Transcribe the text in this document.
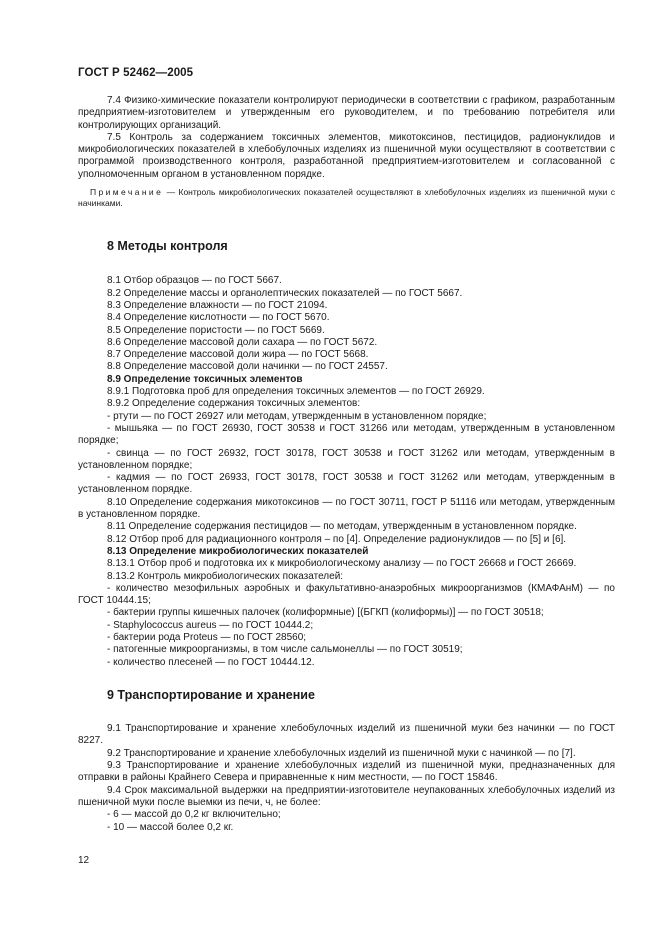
ГОСТ Р 52462—2005

7.4 Физико-химические показатели контролируют периодически в соответствии с графиком, разработанным предприятием-изготовителем и утвержденным его руководителем, и по требованию потребителя или контролирующих организаций.

7.5 Контроль за содержанием токсичных элементов, микотоксинов, пестицидов, радионуклидов и микробиологических показателей в хлебобулочных изделиях из пшеничной муки осуществляют в соответствии с программой производственного контроля, разработанной предприятием-изготовителем и согласованной с уполномоченным органом в установленном порядке.

Примечание — Контроль микробиологических показателей осуществляют в хлебобулочных изделиях из пшеничной муки с начинками.

8 Методы контроля

8.1 Отбор образцов — по ГОСТ 5667.

8.2 Определение массы и органолептических показателей — по ГОСТ 5667.

8.3 Определение влажности — по ГОСТ 21094.

8.4 Определение кислотности — по ГОСТ 5670.

8.5 Определение пористости — по ГОСТ 5669.

8.6 Определение массовой доли сахара — по ГОСТ 5672.

8.7 Определение массовой доли жира — по ГОСТ 5668.

8.8 Определение массовой доли начинки — по ГОСТ 24557.

8.9 Определение токсичных элементов

8.9.1 Подготовка проб для определения токсичных элементов — по ГОСТ 26929.

8.9.2 Определение содержания токсичных элементов:

- ртути — по ГОСТ 26927 или методам, утвержденным в установленном порядке;

- мышьяка — по ГОСТ 26930, ГОСТ 30538 и ГОСТ 31266 или методам, утвержденным в установленном порядке;

- свинца — по ГОСТ 26932, ГОСТ 30178, ГОСТ 30538 и ГОСТ 31262 или методам, утвержденным в установленном порядке;

- кадмия — по ГОСТ 26933, ГОСТ 30178, ГОСТ 30538 и ГОСТ 31262 или методам, утвержденным в установленном порядке.

8.10 Определение содержания микотоксинов — по ГОСТ 30711, ГОСТ Р 51116 или методам, утвержденным в установленном порядке.

8.11 Определение содержания пестицидов — по методам, утвержденным в установленном порядке.

8.12 Отбор проб для радиационного контроля – по [4]. Определение радионуклидов — по [5] и [6].

8.13 Определение микробиологических показателей

8.13.1 Отбор проб и подготовка их к микробиологическому анализу — по ГОСТ 26668 и ГОСТ 26669.

8.13.2 Контроль микробиологических показателей:

- количество мезофильных аэробных и факультативно-анаэробных микроорганизмов (КМАФАнМ) — по ГОСТ 10444.15;

- бактерии группы кишечных палочек (колиформные) [(БГКП (колиформы)] — по ГОСТ 30518;

- Staphylococcus aureus — по ГОСТ 10444.2;

- бактерии рода Proteus — по ГОСТ 28560;

- патогенные микроорганизмы, в том числе сальмонеллы — по ГОСТ 30519;

- количество плесеней — по ГОСТ 10444.12.

9 Транспортирование и хранение

9.1 Транспортирование и хранение хлебобулочных изделий из пшеничной муки без начинки — по ГОСТ 8227.

9.2 Транспортирование и хранение хлебобулочных изделий из пшеничной муки с начинкой — по [7].

9.3 Транспортирование и хранение хлебобулочных изделий из пшеничной муки, предназначенных для отправки в районы Крайнего Севера и приравненные к ним местности, — по ГОСТ 15846.

9.4 Срок максимальной выдержки на предприятии-изготовителе неупакованных хлебобулочных изделий из пшеничной муки после выемки из печи, ч, не более:

- 6 — массой до 0,2 кг включительно;

- 10 — массой более 0,2 кг.

12
